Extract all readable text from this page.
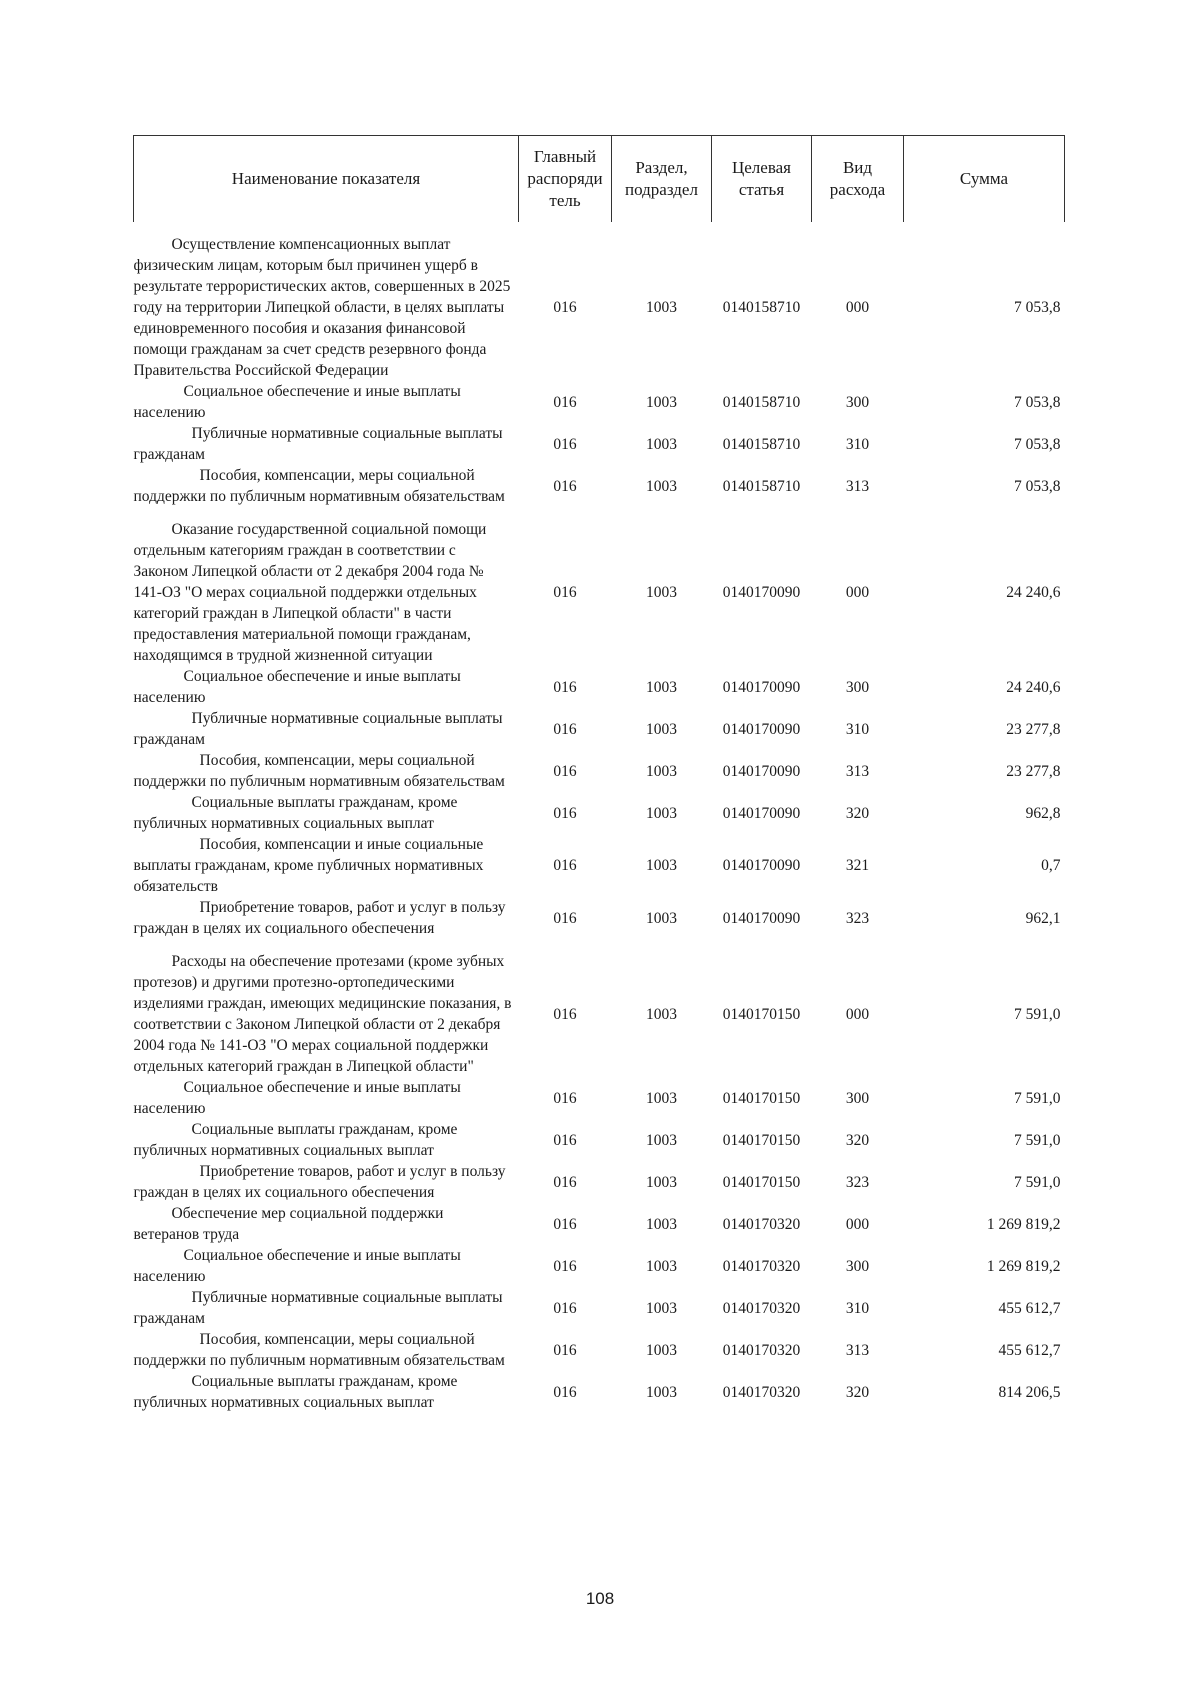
Наименование показателя	Главный распоряди тель	Раздел, подраздел	Целевая статья	Вид расхода	Сумма
Осуществление компенсационных выплат физическим лицам, которым был причинен ущерб в результате террористических актов, совершенных в 2025 году на территории Липецкой области, в целях выплаты единовременного пособия и оказания финансовой помощи гражданам за счет средств резервного фонда Правительства Российской Федерации	016	1003	0140158710	000	7 053,8
Социальное обеспечение и иные выплаты населению	016	1003	0140158710	300	7 053,8
Публичные нормативные социальные выплаты гражданам	016	1003	0140158710	310	7 053,8
Пособия, компенсации, меры социальной поддержки по публичным нормативным обязательствам	016	1003	0140158710	313	7 053,8
Оказание государственной социальной помощи отдельным категориям граждан в соответствии с Законом Липецкой области от 2 декабря 2004 года № 141-ОЗ "О мерах социальной поддержки отдельных категорий граждан в Липецкой области" в части предоставления материальной помощи гражданам, находящимся в трудной жизненной ситуации	016	1003	0140170090	000	24 240,6
Социальное обеспечение и иные выплаты населению	016	1003	0140170090	300	24 240,6
Публичные нормативные социальные выплаты гражданам	016	1003	0140170090	310	23 277,8
Пособия, компенсации, меры социальной поддержки по публичным нормативным обязательствам	016	1003	0140170090	313	23 277,8
Социальные выплаты гражданам, кроме публичных нормативных социальных выплат	016	1003	0140170090	320	962,8
Пособия, компенсации и иные социальные выплаты гражданам, кроме публичных нормативных обязательств	016	1003	0140170090	321	0,7
Приобретение товаров, работ и услуг в пользу граждан в целях их социального обеспечения	016	1003	0140170090	323	962,1
Расходы на обеспечение протезами (кроме зубных протезов) и другими протезно-ортопедическими изделиями граждан, имеющих медицинские показания, в соответствии с Законом Липецкой области от 2 декабря 2004 года № 141-ОЗ "О мерах социальной поддержки отдельных категорий граждан в Липецкой области"	016	1003	0140170150	000	7 591,0
Социальное обеспечение и иные выплаты населению	016	1003	0140170150	300	7 591,0
Социальные выплаты гражданам, кроме публичных нормативных социальных выплат	016	1003	0140170150	320	7 591,0
Приобретение товаров, работ и услуг в пользу граждан в целях их социального обеспечения	016	1003	0140170150	323	7 591,0
Обеспечение мер социальной поддержки ветеранов труда	016	1003	0140170320	000	1 269 819,2
Социальное обеспечение и иные выплаты населению	016	1003	0140170320	300	1 269 819,2
Публичные нормативные социальные выплаты гражданам	016	1003	0140170320	310	455 612,7
Пособия, компенсации, меры социальной поддержки по публичным нормативным обязательствам	016	1003	0140170320	313	455 612,7
Социальные выплаты гражданам, кроме публичных нормативных социальных выплат	016	1003	0140170320	320	814 206,5
108
